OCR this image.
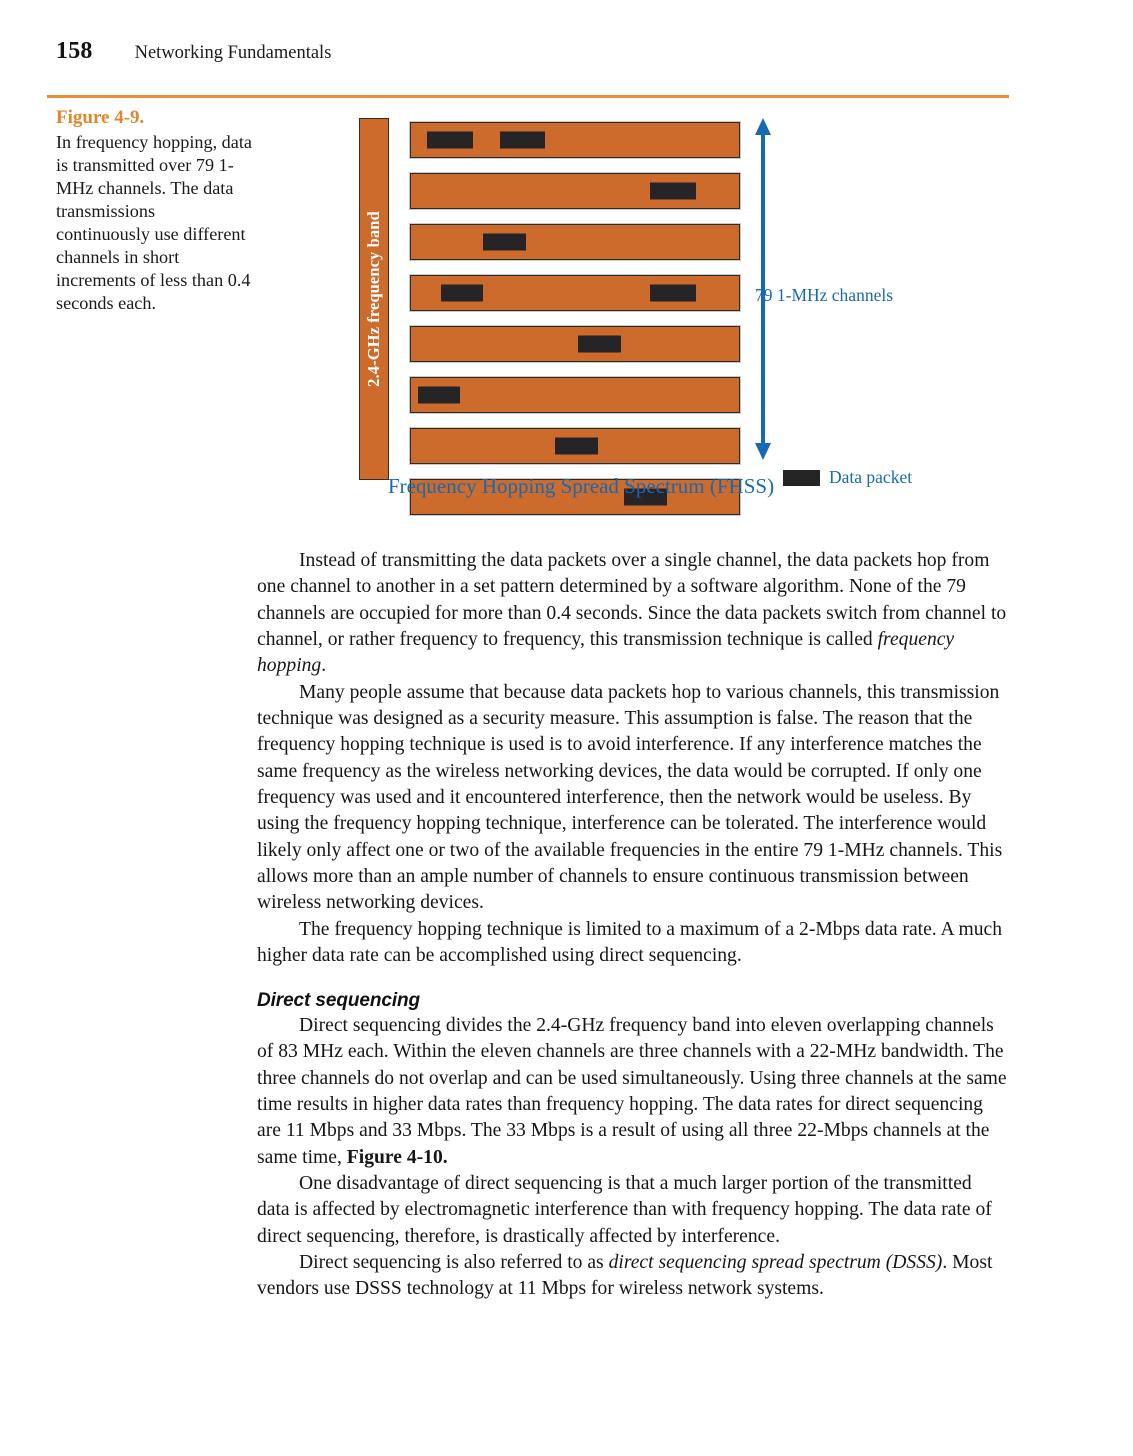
158 Networking Fundamentals
Figure 4-9.
In frequency hopping, data is transmitted over 79 1-MHz channels. The data transmissions continuously use different channels in short increments of less than 0.4 seconds each.	2.4-GHz frequency band	79 1-MHz channels
Frequency Hopping Spread Spectrum (FHSS)	Data packet

Instead of transmitting the data packets over a single channel, the data packets hop from one channel to another in a set pattern determined by a software algorithm. None of the 79 channels are occupied for more than 0.4 seconds. Since the data packets switch from channel to channel, or rather frequency to frequency, this transmission technique is called frequency hopping.

Many people assume that because data packets hop to various channels, this transmission technique was designed as a security measure. This assumption is false. The reason that the frequency hopping technique is used is to avoid interference. If any interference matches the same frequency as the wireless networking devices, the data would be corrupted. If only one frequency was used and it encountered interference, then the network would be useless. By using the frequency hopping technique, interference can be tolerated. The interference would likely only affect one or two of the available frequencies in the entire 79 1-MHz channels. This allows more than an ample number of channels to ensure continuous transmission between wireless networking devices.

The frequency hopping technique is limited to a maximum of a 2-Mbps data rate. A much higher data rate can be accomplished using direct sequencing.

Direct sequencing

Direct sequencing divides the 2.4-GHz frequency band into eleven overlapping channels of 83 MHz each. Within the eleven channels are three channels with a 22-MHz bandwidth. The three channels do not overlap and can be used simultaneously. Using three channels at the same time results in higher data rates than frequency hopping. The data rates for direct sequencing are 11 Mbps and 33 Mbps. The 33 Mbps is a result of using all three 22-Mbps channels at the same time, Figure 4-10.

One disadvantage of direct sequencing is that a much larger portion of the transmitted data is affected by electromagnetic interference than with frequency hopping. The data rate of direct sequencing, therefore, is drastically affected by interference.

Direct sequencing is also referred to as direct sequencing spread spectrum (DSSS). Most vendors use DSSS technology at 11 Mbps for wireless network systems.
